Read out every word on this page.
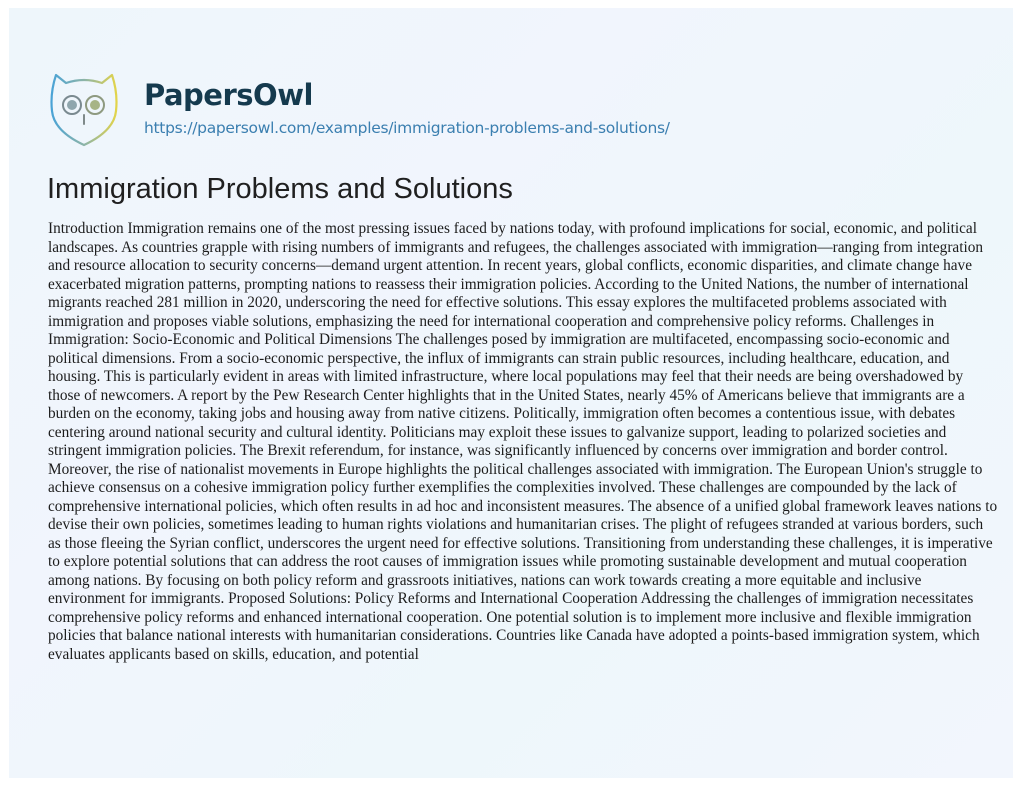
PapersOwl
https://papersowl.com/examples/immigration-problems-and-solutions/
Immigration Problems and Solutions

Introduction Immigration remains one of the most pressing issues faced by nations today, with profound implications for social, economic, and political landscapes. As countries grapple with rising numbers of immigrants and refugees, the challenges associated with immigration—ranging from integration and resource allocation to security concerns—demand urgent attention. In recent years, global conflicts, economic disparities, and climate change have exacerbated migration patterns, prompting nations to reassess their immigration policies. According to the United Nations, the number of international migrants reached 281 million in 2020, underscoring the need for effective solutions. This essay explores the multifaceted problems associated with immigration and proposes viable solutions, emphasizing the need for international cooperation and comprehensive policy reforms. Challenges in Immigration: Socio-Economic and Political Dimensions The challenges posed by immigration are multifaceted, encompassing socio-economic and political dimensions. From a socio-economic perspective, the influx of immigrants can strain public resources, including healthcare, education, and housing. This is particularly evident in areas with limited infrastructure, where local populations may feel that their needs are being overshadowed by those of newcomers. A report by the Pew Research Center highlights that in the United States, nearly 45% of Americans believe that immigrants are a burden on the economy, taking jobs and housing away from native citizens. Politically, immigration often becomes a contentious issue, with debates centering around national security and cultural identity. Politicians may exploit these issues to galvanize support, leading to polarized societies and stringent immigration policies. The Brexit referendum, for instance, was significantly influenced by concerns over immigration and border control. Moreover, the rise of nationalist movements in Europe highlights the political challenges associated with immigration. The European Union's struggle to achieve consensus on a cohesive immigration policy further exemplifies the complexities involved. These challenges are compounded by the lack of comprehensive international policies, which often results in ad hoc and inconsistent measures. The absence of a unified global framework leaves nations to devise their own policies, sometimes leading to human rights violations and humanitarian crises. The plight of refugees stranded at various borders, such as those fleeing the Syrian conflict, underscores the urgent need for effective solutions. Transitioning from understanding these challenges, it is imperative to explore potential solutions that can address the root causes of immigration issues while promoting sustainable development and mutual cooperation among nations. By focusing on both policy reform and grassroots initiatives, nations can work towards creating a more equitable and inclusive environment for immigrants. Proposed Solutions: Policy Reforms and International Cooperation Addressing the challenges of immigration necessitates comprehensive policy reforms and enhanced international cooperation. One potential solution is to implement more inclusive and flexible immigration policies that balance national interests with humanitarian considerations. Countries like Canada have adopted a points-based immigration system, which evaluates applicants based on skills, education, and potential
